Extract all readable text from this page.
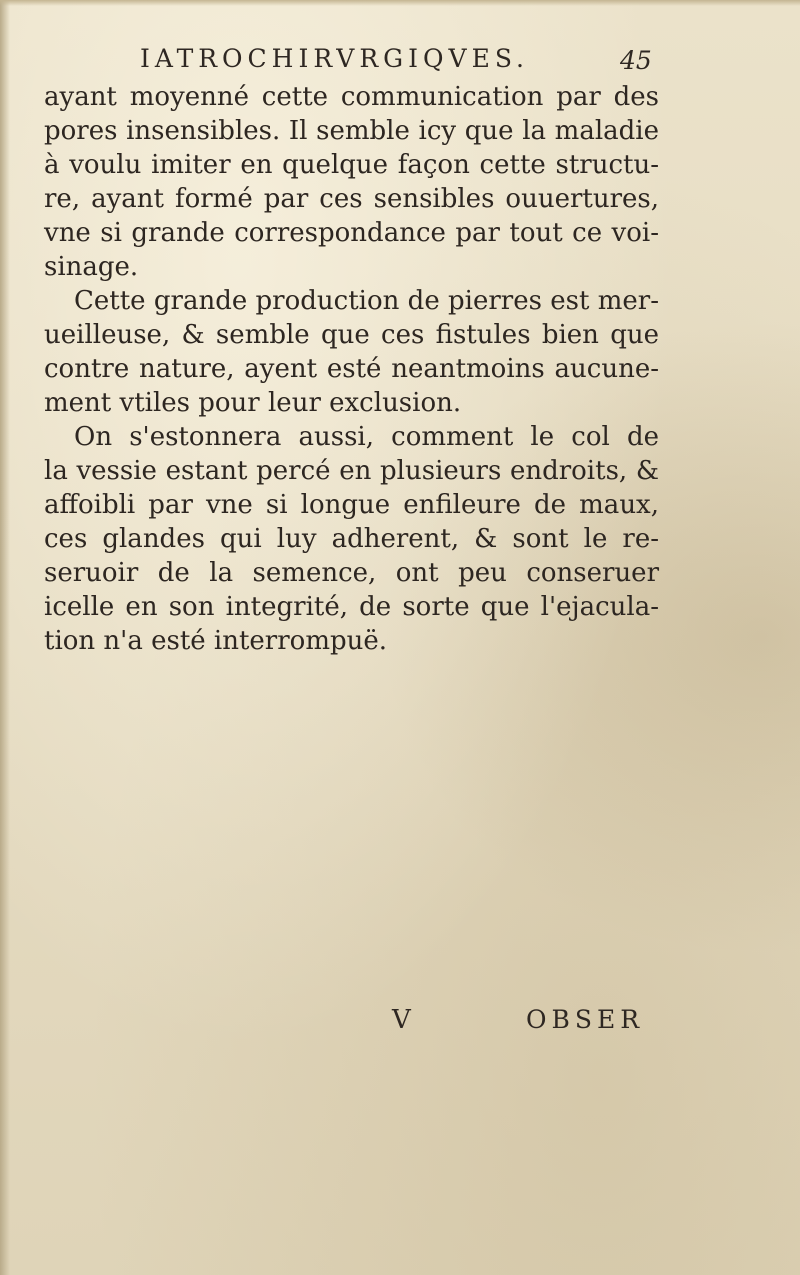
IATROCHIRVRGIQVES.	45
ayant moyenné cette communication par des
pores insensibles. Il semble icy que la maladie
à voulu imiter en quelque façon cette structu-
re, ayant formé par ces sensibles ouuertures,
vne si grande correspondance par tout ce voi-
sinage.
Cette grande production de pierres est mer-
ueilleuse, & semble que ces fistules bien que
contre nature, ayent esté neantmoins aucune-
ment vtiles pour leur exclusion.
On s'estonnera aussi, comment le col de
la vessie estant percé en plusieurs endroits, &
affoibli par vne si longue enfileure de maux,
ces glandes qui luy adherent, & sont le re-
seruoir de la semence, ont peu conseruer
icelle en son integrité, de sorte que l'ejacula-
tion n'a esté interrompuë.
V	OBSER
